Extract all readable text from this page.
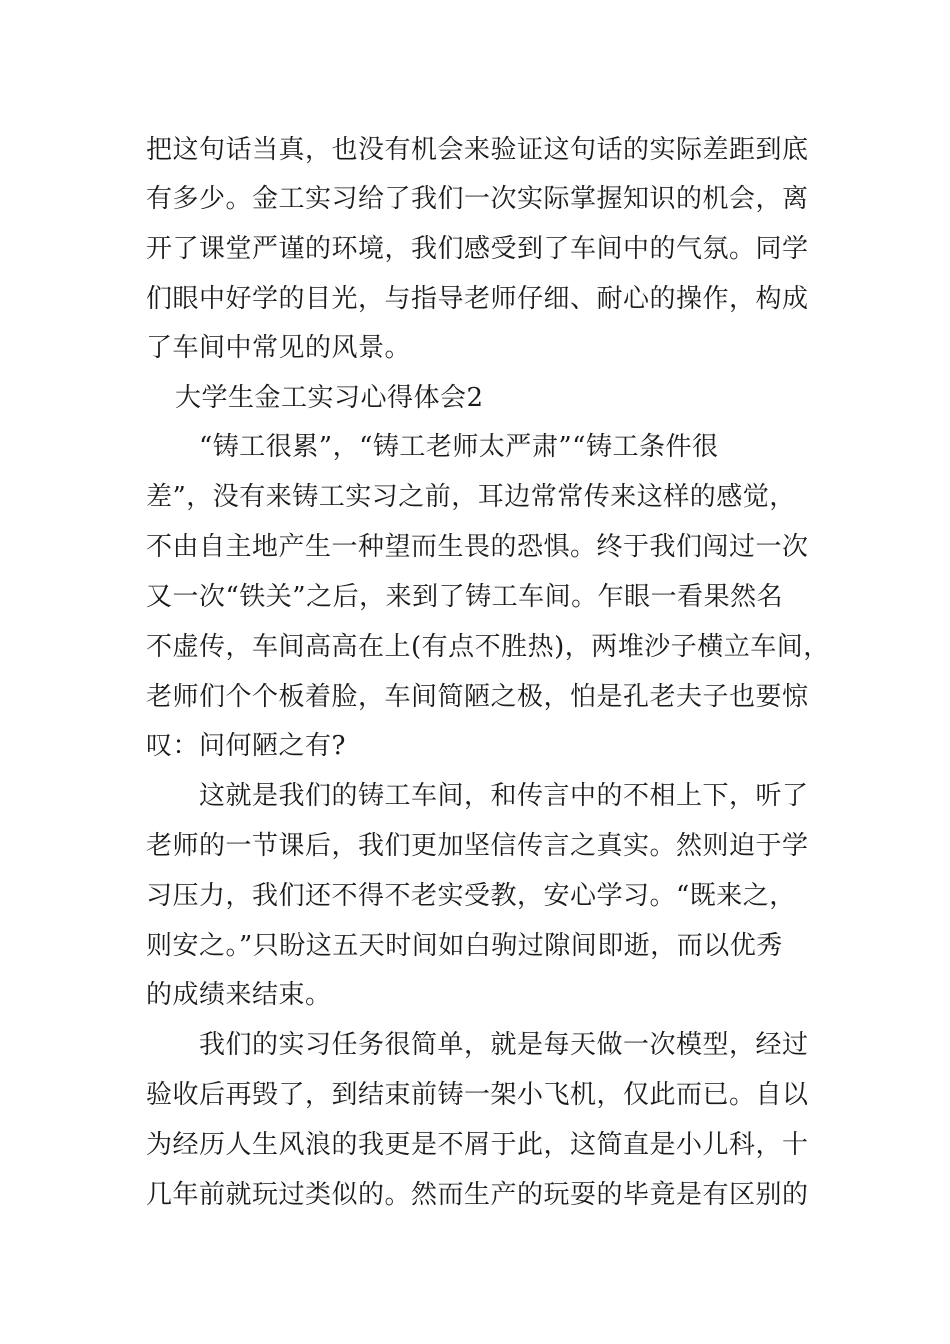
把这句话当真，也没有机会来验证这句话的实际差距到底
有多少。金工实习给了我们一次实际掌握知识的机会，离
开了课堂严谨的环境，我们感受到了车间中的气氛。同学
们眼中好学的目光，与指导老师仔细、耐心的操作，构成
了车间中常见的风景。
大学生金工实习心得体会2
“铸工很累”，“铸工老师太严肃”“铸工条件很
差”，没有来铸工实习之前，耳边常常传来这样的感觉，
不由自主地产生一种望而生畏的恐惧。终于我们闯过一次
又一次“铁关”之后，来到了铸工车间。乍眼一看果然名
不虚传，车间高高在上(有点不胜热)，两堆沙子横立车间，
老师们个个板着脸，车间简陋之极，怕是孔老夫子也要惊
叹：问何陋之有?
这就是我们的铸工车间，和传言中的不相上下，听了
老师的一节课后，我们更加坚信传言之真实。然则迫于学
习压力，我们还不得不老实受教，安心学习。“既来之，
则安之。”只盼这五天时间如白驹过隙间即逝，而以优秀
的成绩来结束。
我们的实习任务很简单，就是每天做一次模型，经过
验收后再毁了，到结束前铸一架小飞机，仅此而已。自以
为经历人生风浪的我更是不屑于此，这简直是小儿科，十
几年前就玩过类似的。然而生产的玩耍的毕竟是有区别的
